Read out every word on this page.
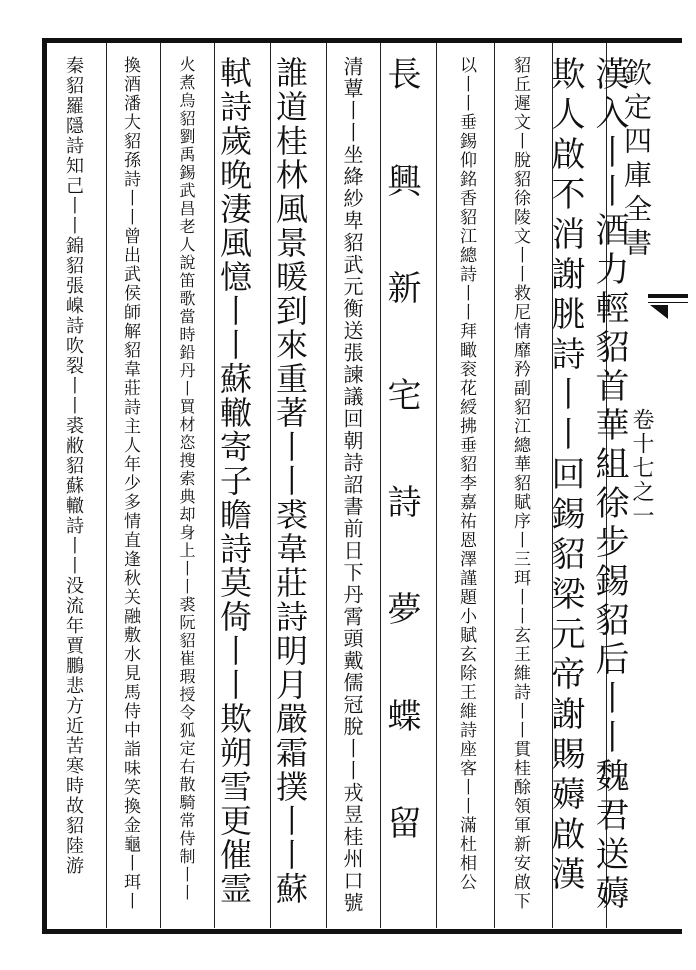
欽定四庫全書
卷十七之一
漢入丨丨酒力輕貂首華組徐步錫貂后丨丨魏君送薅
欺人啟不消謝朓詩丨丨回錫貂梁元帝謝賜薅啟漢
貂丘遲文丨脫貂徐陵文丨丨救尼情靡矜副貂江總華貂賦序丨三珥丨丨玄王維詩丨丨貫桂酴領軍新安啟下
以丨丨垂錫仰銘香貂江總詩丨丨拜瞰衮花綬拂垂貂李嘉祐恩澤謹題小賦玄除王維詩座客丨丨滿杜相公
長興新宅詩夢蝶留
清蕈丨丨坐絳紗卑貂武元衡送張諫議回朝詩詔書前日下丹霄頭戴儒冠脫丨丨戎昱桂州口號
誰道桂林風景暖到來重著丨丨裘韋莊詩明月嚴霜撲丨丨蘇
軾詩歲晚淒風憶丨丨蘇轍寄子瞻詩莫倚丨丨欺朔雪更催霊
火煮烏貂劉禹錫武昌老人說笛歌當時鉛丹丨買材恣搜索典却身上丨丨裘阮貂崔瑕授令狐定右散騎常侍制丨丨
換酒潘大貂孫詩丨丨曾出武侯師解貂韋莊詩主人年少多情直逢秋关融敷水見馬侍中詣味笑換金龜丨珥丨
秦貂羅隱詩知己丨丨錦貂張嵲詩吹裂丨丨裘敝貂蘇轍詩丨丨没流年賈鵬悲方近苦寒時故貂陸游
